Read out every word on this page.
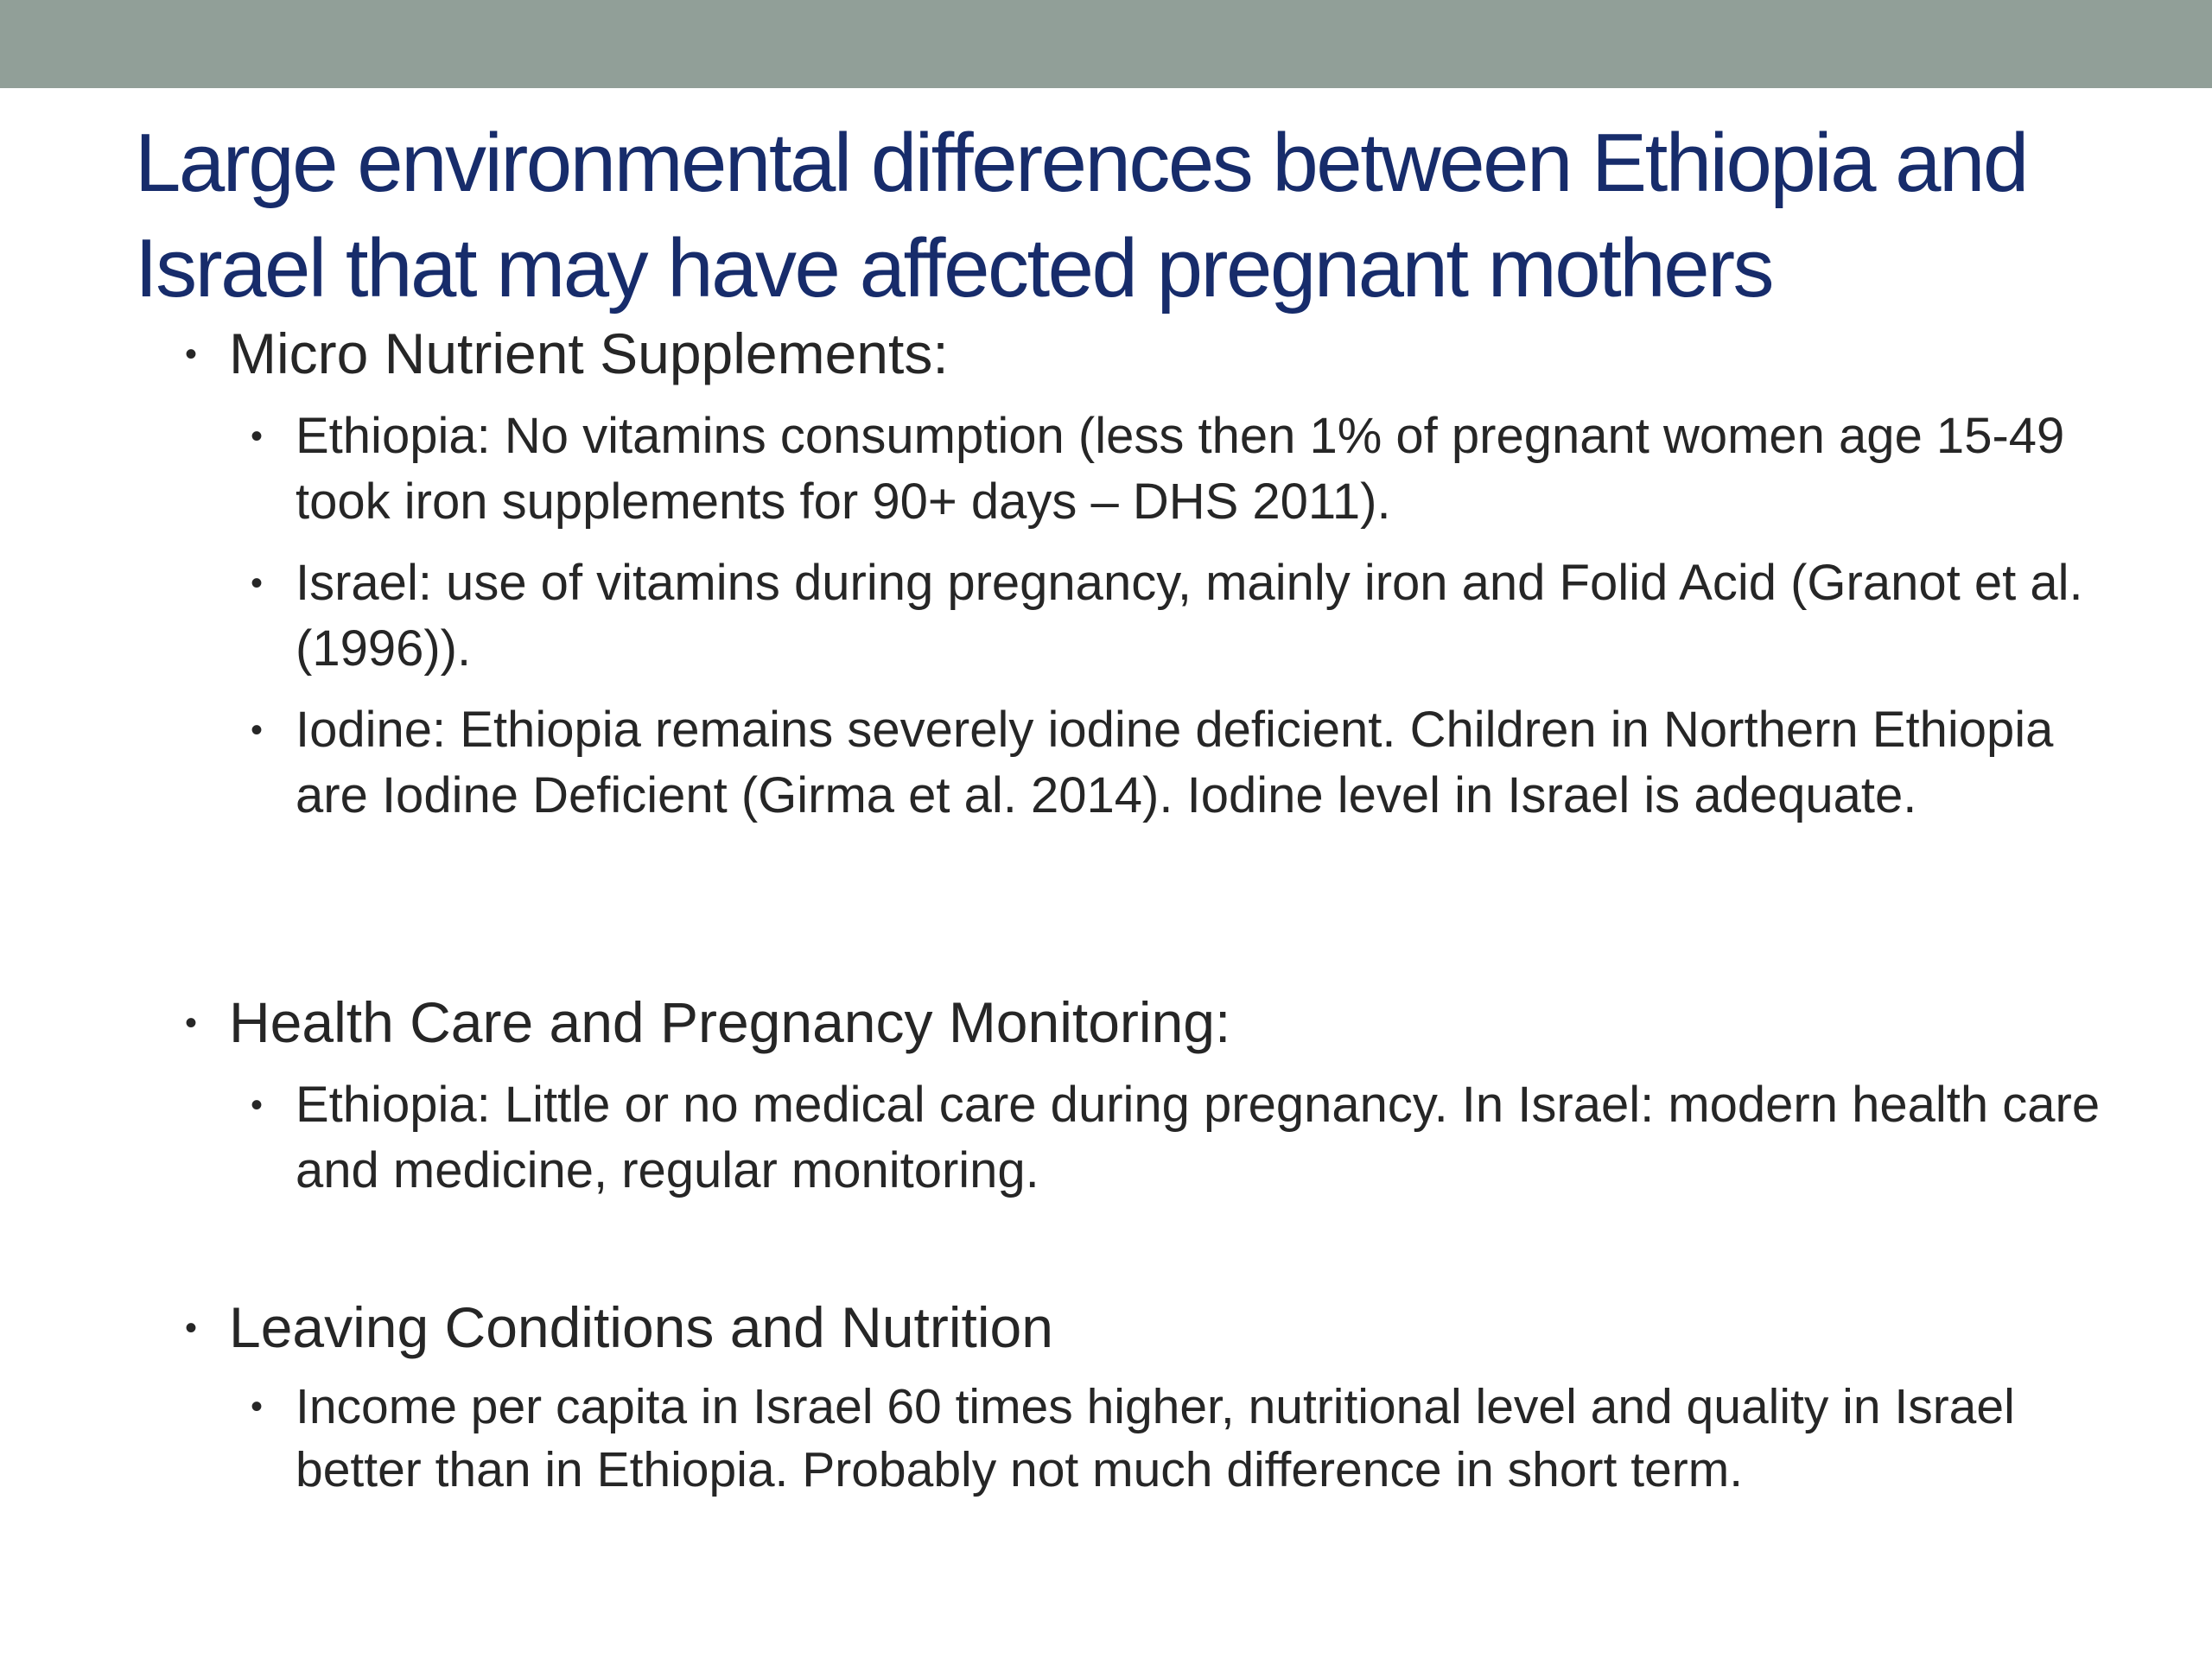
Large environmental differences between Ethiopia and Israel that may have affected pregnant mothers

• Micro Nutrient Supplements:

• Ethiopia: No vitamins consumption (less then 1% of pregnant women age 15-49 took iron supplements for 90+ days – DHS 2011).

• Israel: use of vitamins during pregnancy, mainly iron and Folid Acid (Granot et al. (1996)).

• Iodine: Ethiopia remains severely iodine deficient. Children in Northern Ethiopia are Iodine Deficient (Girma et al. 2014). Iodine level in Israel is adequate.

• Health Care and Pregnancy Monitoring:

• Ethiopia: Little or no medical care during pregnancy. In Israel: modern health care and medicine, regular monitoring.

• Leaving Conditions and Nutrition

• Income per capita in Israel 60 times higher, nutritional level and quality in Israel better than in Ethiopia. Probably not much difference in short term.
